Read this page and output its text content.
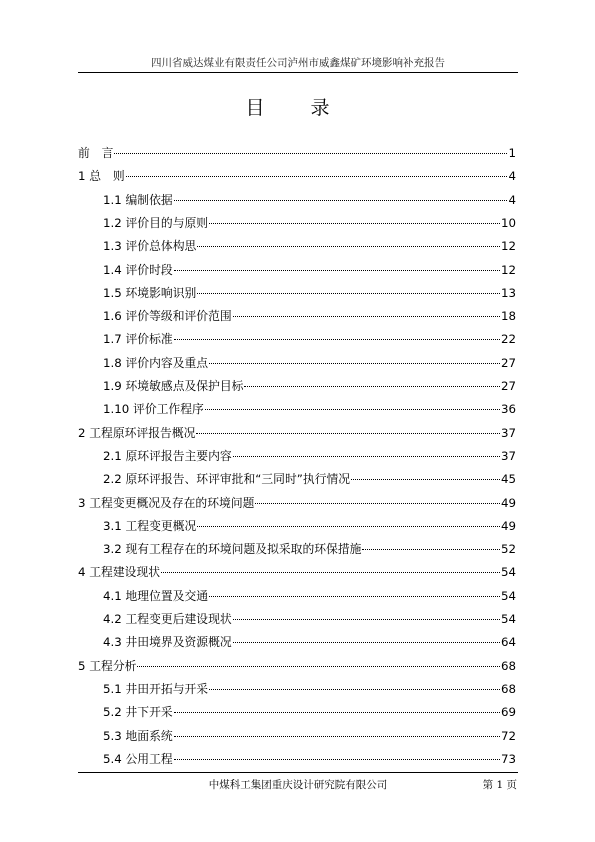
四川省威达煤业有限责任公司泸州市威鑫煤矿环境影响补充报告
目 录
前　言	1
1 总　则	4
1.1 编制依据	4
1.2 评价目的与原则	10
1.3 评价总体构思	12
1.4 评价时段	12
1.5 环境影响识别	13
1.6 评价等级和评价范围	18
1.7 评价标准	22
1.8 评价内容及重点	27
1.9 环境敏感点及保护目标	27
1.10 评价工作程序	36
2 工程原环评报告概况	37
2.1 原环评报告主要内容	37
2.2 原环评报告、环评审批和“三同时”执行情况	45
3 工程变更概况及存在的环境问题	49
3.1 工程变更概况	49
3.2 现有工程存在的环境问题及拟采取的环保措施	52
4 工程建设现状	54
4.1 地理位置及交通	54
4.2 工程变更后建设现状	54
4.3 井田境界及资源概况	64
5 工程分析	68
5.1 井田开拓与开采	68
5.2 井下开采	69
5.3 地面系统	72
5.4 公用工程	73
中煤科工集团重庆设计研究院有限公司	第 1 页
